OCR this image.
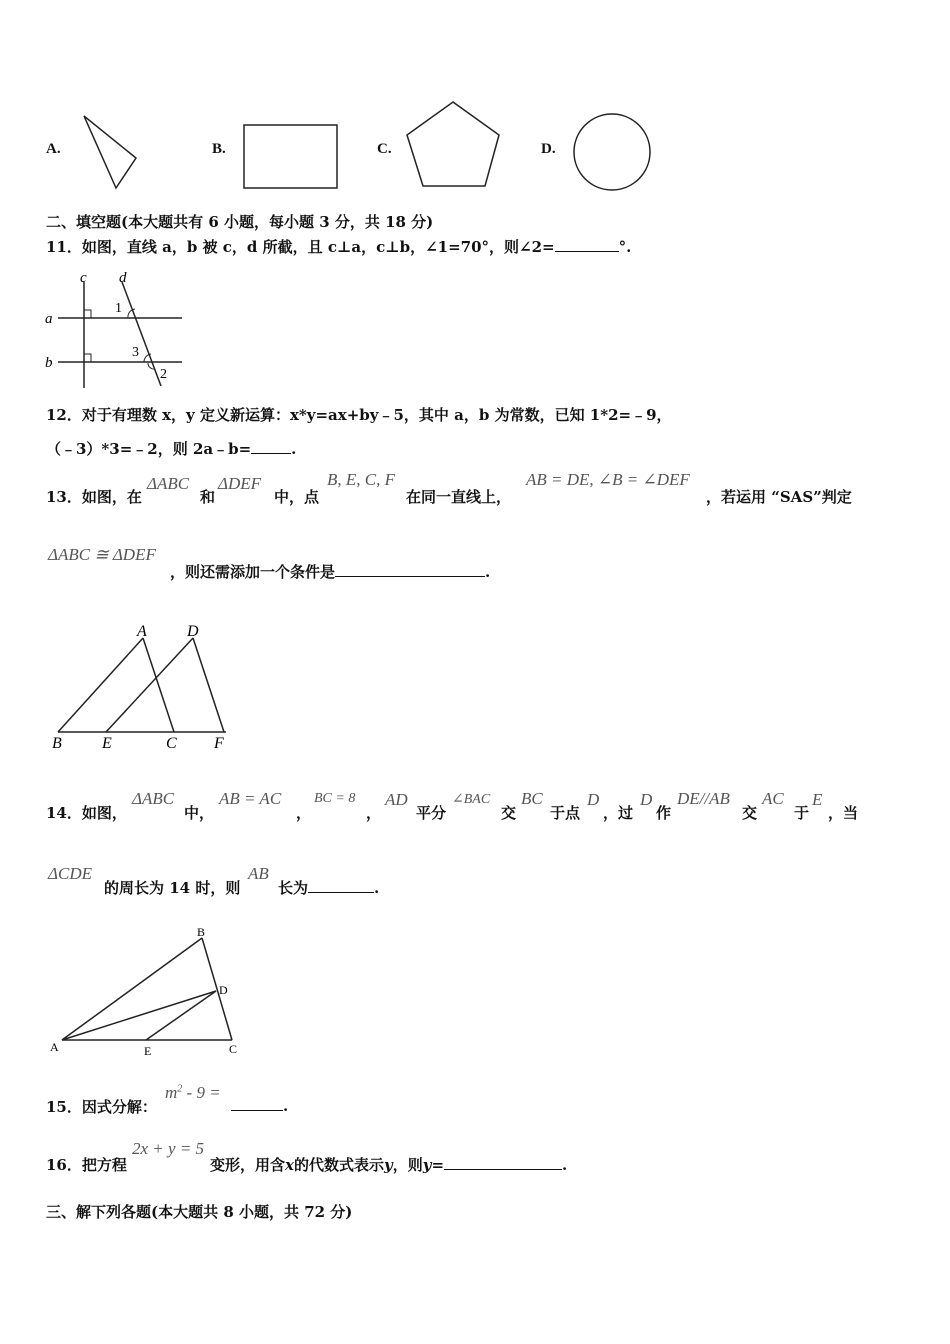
A.	B.	C.	D.
二、填空题(本大题共有 6 小题，每小题 3 分，共 18 分)
11．如图，直线 a，b 被 c，d 所截，且 c⊥a，c⊥b，∠1=70°，则∠2=	°.
c d
a
b
1
3
2
12．对于有理数 x，y 定义新运算：x*y=ax+by﹣5，其中 a，b 为常数，已知 1*2=﹣9，
（﹣3）*3=﹣2，则 2a﹣b=	.
13．如图，在
ΔABC
和
ΔDEF
中，点
B, E, C, F
在同一直线上，
AB = DE, ∠B = ∠DEF
，若运用 “SAS”判定
ΔABC ≅ ΔDEF
，则还需添加一个条件是	.
A	D
B	E	C F
14．如图，
ΔABC
中，
AB = AC
，
BC = 8
，
AD
平分
∠BAC
交
BC
于点
D
，过
D
作
DE//AB
交
AC
于
E
，当
ΔCDE
的周长为 14 时，则
AB
长为	.
B
D
A	E	C
15．因式分解：
$m^2 - 9$ =
.
16．把方程
2x + y = 5
变形，用含x的代数式表示y，则y=	.
三、解下列各题(本大题共 8 小题，共 72 分)
